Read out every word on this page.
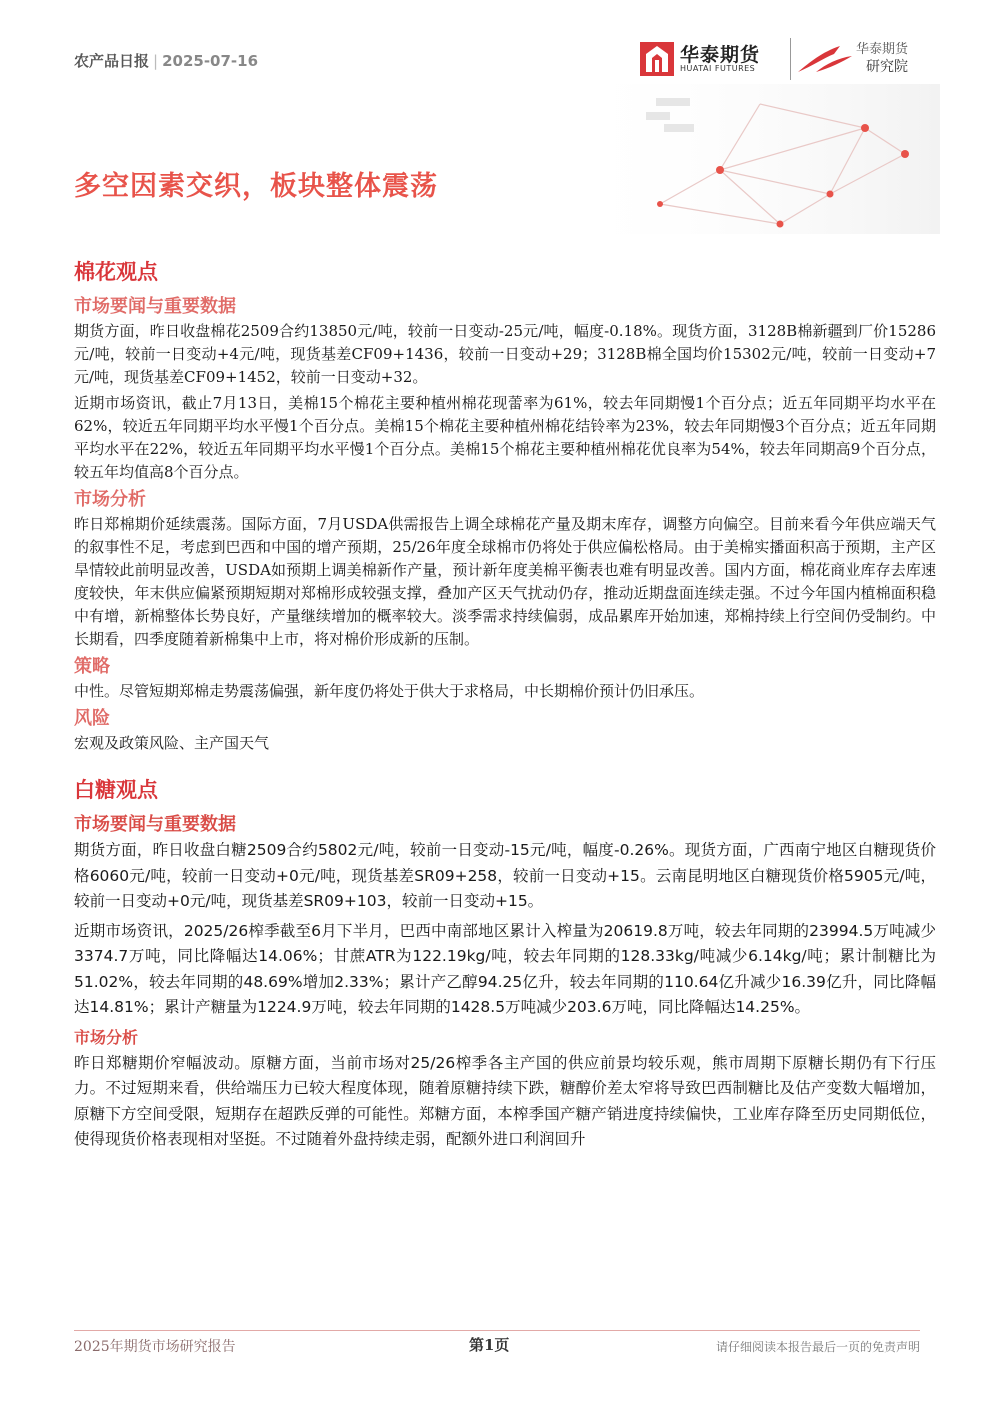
农产品日报 | 2025-07-16	华泰期货
HUATAI FUTURES
华泰期货
研究院
多空因素交织，板块整体震荡
棉花观点
市场要闻与重要数据

期货方面，昨日收盘棉花2509合约13850元/吨，较前一日变动-25元/吨，幅度-0.18%。现货方面，3128B棉新疆到厂价15286元/吨，较前一日变动+4元/吨，现货基差CF09+1436，较前一日变动+29；3128B棉全国均价15302元/吨，较前一日变动+7元/吨，现货基差CF09+1452，较前一日变动+32。

近期市场资讯，截止7月13日，美棉15个棉花主要种植州棉花现蕾率为61%，较去年同期慢1个百分点；近五年同期平均水平在62%，较近五年同期平均水平慢1个百分点。美棉15个棉花主要种植州棉花结铃率为23%，较去年同期慢3个百分点；近五年同期平均水平在22%，较近五年同期平均水平慢1个百分点。美棉15个棉花主要种植州棉花优良率为54%，较去年同期高9个百分点，较五年均值高8个百分点。

市场分析

昨日郑棉期价延续震荡。国际方面，7月USDA供需报告上调全球棉花产量及期末库存，调整方向偏空。目前来看今年供应端天气的叙事性不足，考虑到巴西和中国的增产预期，25/26年度全球棉市仍将处于供应偏松格局。由于美棉实播面积高于预期，主产区旱情较此前明显改善，USDA如预期上调美棉新作产量，预计新年度美棉平衡表也难有明显改善。国内方面，棉花商业库存去库速度较快，年末供应偏紧预期短期对郑棉形成较强支撑，叠加产区天气扰动仍存，推动近期盘面连续走强。不过今年国内植棉面积稳中有增，新棉整体长势良好，产量继续增加的概率较大。淡季需求持续偏弱，成品累库开始加速，郑棉持续上行空间仍受制约。中长期看，四季度随着新棉集中上市，将对棉价形成新的压制。

策略

中性。尽管短期郑棉走势震荡偏强，新年度仍将处于供大于求格局，中长期棉价预计仍旧承压。

风险

宏观及政策风险、主产国天气

白糖观点
市场要闻与重要数据

期货方面，昨日收盘白糖2509合约5802元/吨，较前一日变动-15元/吨，幅度-0.26%。现货方面，广西南宁地区白糖现货价格6060元/吨，较前一日变动+0元/吨，现货基差SR09+258，较前一日变动+15。云南昆明地区白糖现货价格5905元/吨，较前一日变动+0元/吨，现货基差SR09+103，较前一日变动+15。

近期市场资讯，2025/26榨季截至6月下半月，巴西中南部地区累计入榨量为20619.8万吨，较去年同期的23994.5万吨减少3374.7万吨，同比降幅达14.06%；甘蔗ATR为122.19kg/吨，较去年同期的128.33kg/吨减少6.14kg/吨；累计制糖比为51.02%，较去年同期的48.69%增加2.33%；累计产乙醇94.25亿升，较去年同期的110.64亿升减少16.39亿升，同比降幅达14.81%；累计产糖量为1224.9万吨，较去年同期的1428.5万吨减少203.6万吨，同比降幅达14.25%。

市场分析

昨日郑糖期价窄幅波动。原糖方面，当前市场对25/26榨季各主产国的供应前景均较乐观，熊市周期下原糖长期仍有下行压力。不过短期来看，供给端压力已较大程度体现，随着原糖持续下跌，糖醇价差太窄将导致巴西制糖比及估产变数大幅增加，原糖下方空间受限，短期存在超跌反弹的可能性。郑糖方面，本榨季国产糖产销进度持续偏快，工业库存降至历史同期低位，使得现货价格表现相对坚挺。不过随着外盘持续走弱，配额外进口利润回升

2025年期货市场研究报告	第1页	请仔细阅读本报告最后一页的免责声明
